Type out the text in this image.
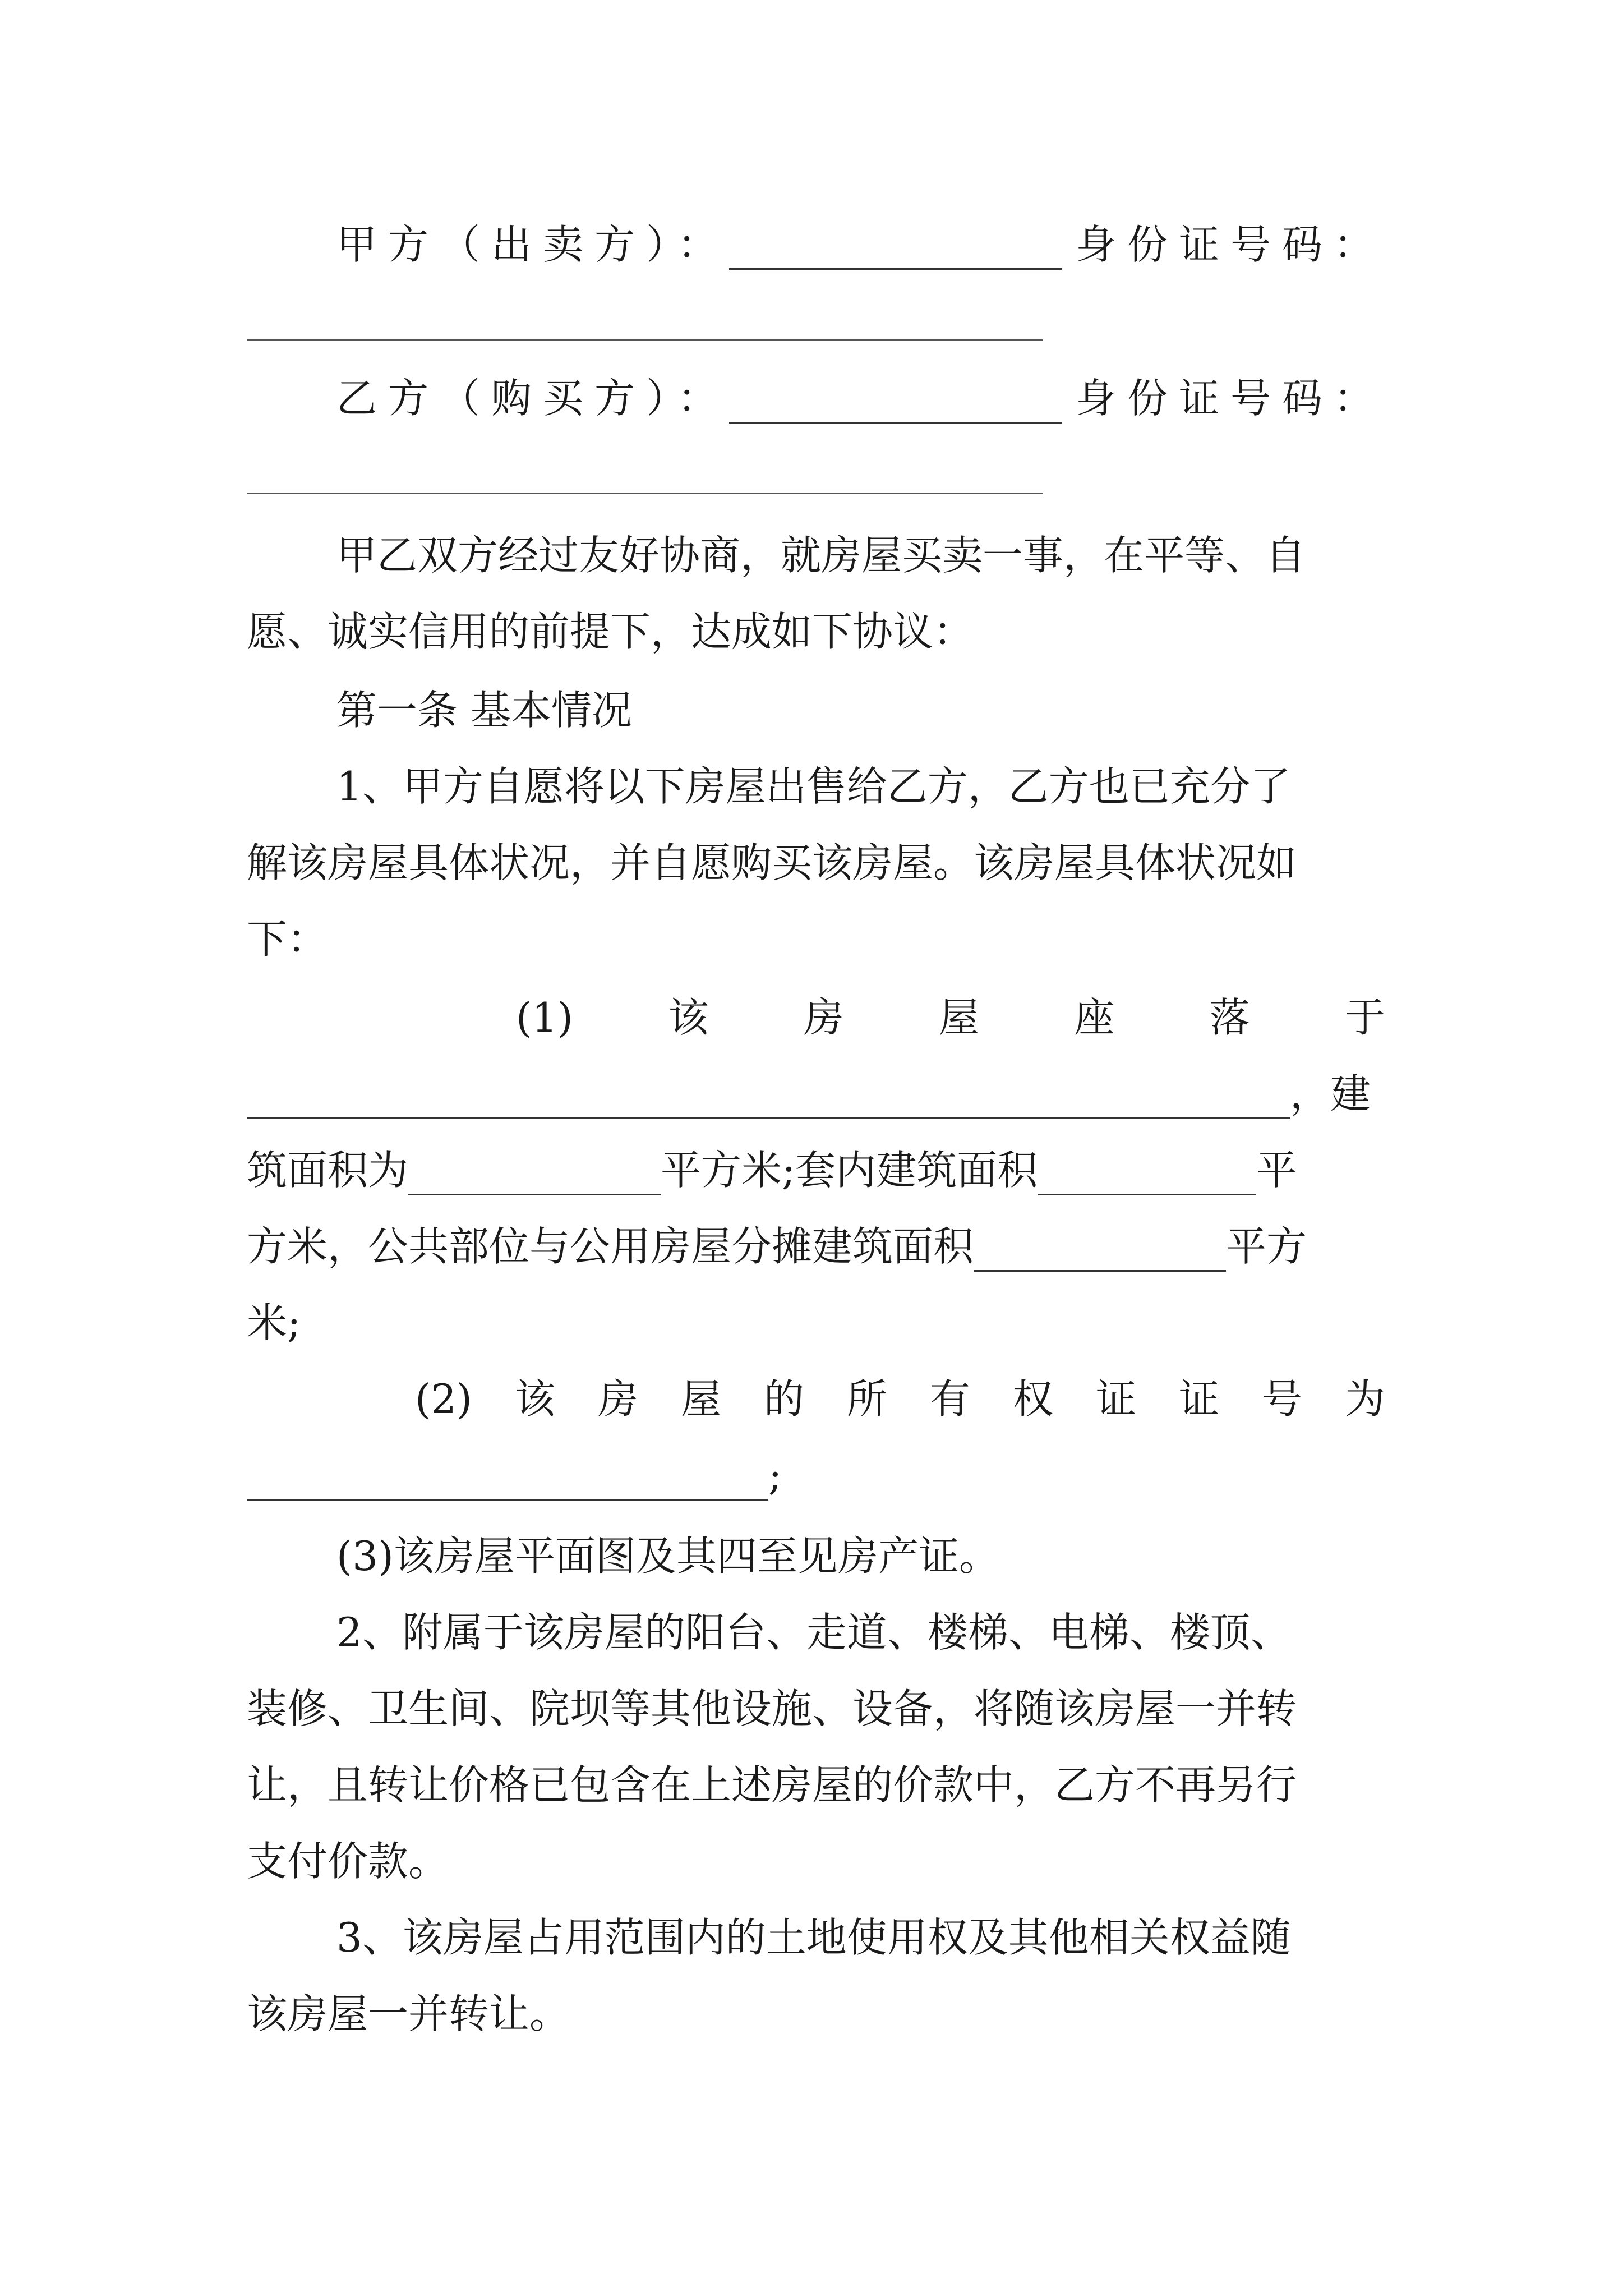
甲方（出卖方）：	身份证号码：
乙方（购买方）：	身份证号码：
甲乙双方经过友好协商，就房屋买卖一事，在平等、自
愿、诚实信用的前提下，达成如下协议：
第一条 基本情况
1、甲方自愿将以下房屋出售给乙方，乙方也已充分了
解该房屋具体状况，并自愿购买该房屋。该房屋具体状况如
下：
(1) 该 房 屋 座 落 于
，建
筑面积为	平方米;套内建筑面积	平
方米，公共部位与公用房屋分摊建筑面积	平方
米;
(2) 该 房 屋 的 所 有 权 证 证 号 为
;
(3)该房屋平面图及其四至见房产证。
2、附属于该房屋的阳台、走道、楼梯、电梯、楼顶、
装修、卫生间、院坝等其他设施、设备，将随该房屋一并转
让，且转让价格已包含在上述房屋的价款中，乙方不再另行
支付价款。
3、该房屋占用范围内的土地使用权及其他相关权益随
该房屋一并转让。
